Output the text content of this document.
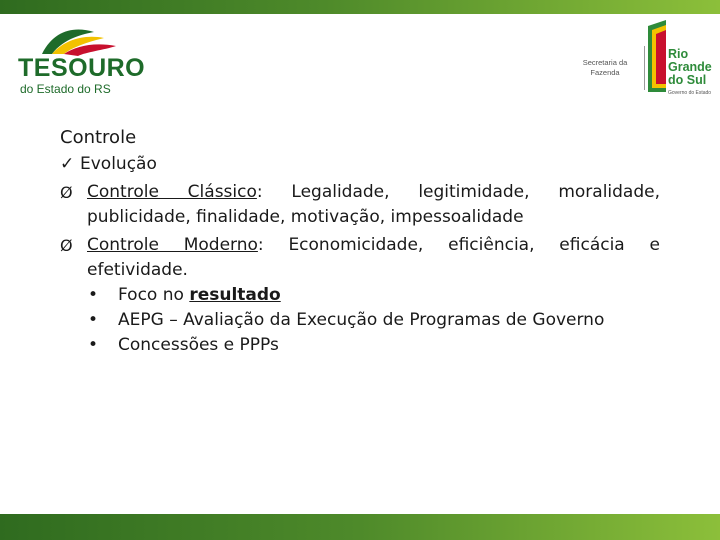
TESOURO
do Estado do RS
Secretaria da Fazenda
Rio
Grande
do Sul
Governo do Estado
Controle
✓ Evolução
Ø Controle Clássico: Legalidade, legitimidade, moralidade, publicidade, finalidade, motivação, impessoalidade
Ø Controle Moderno: Economicidade, eficiência, eficácia e efetividade.
• Foco no resultado
• AEPG – Avaliação da Execução de Programas de Governo
• Concessões e PPPs
